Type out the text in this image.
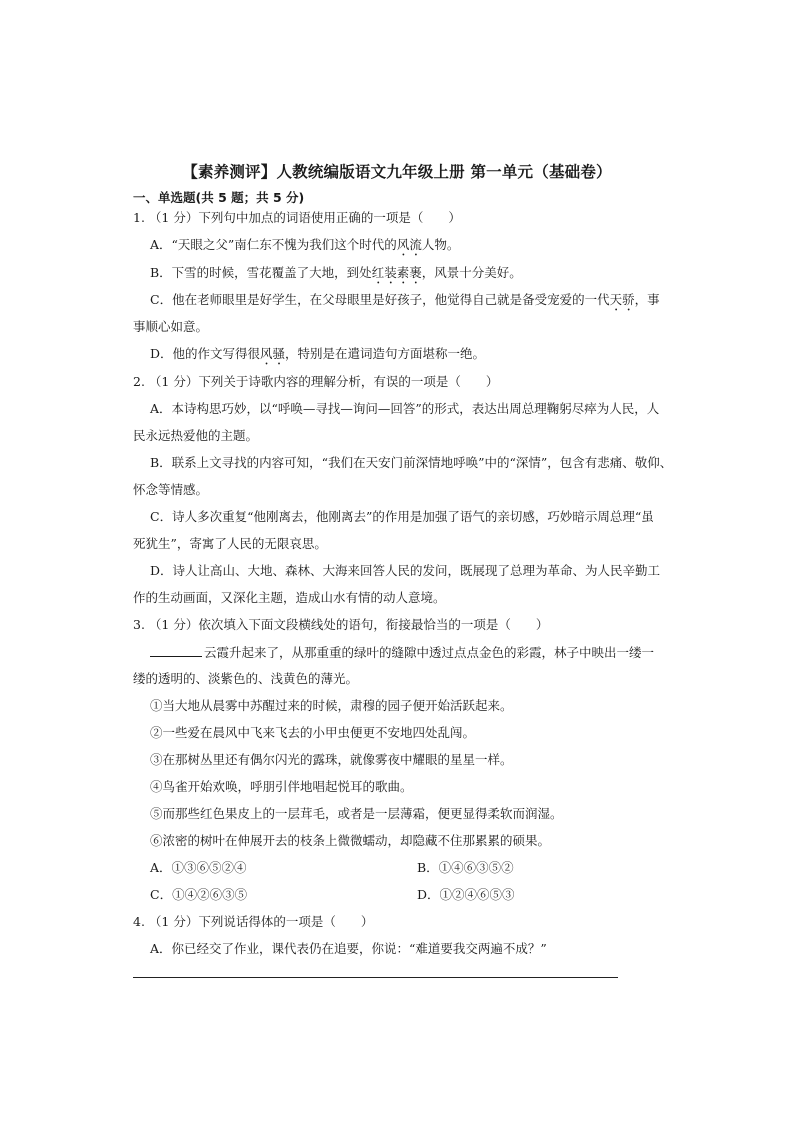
【素养测评】人教统编版语文九年级上册 第一单元（基础卷）
一、单选题(共 5 题；共 5 分)
1. （1 分）下列句中加点的词语使用正确的一项是（　　）
A．“天眼之父”南仁东不愧为我们这个时代的风流人物。
B．下雪的时候，雪花覆盖了大地，到处红装素裹，风景十分美好。
C．他在老师眼里是好学生，在父母眼里是好孩子，他觉得自己就是备受宠爱的一代天骄，事
事顺心如意。
D．他的作文写得很风骚，特别是在遣词造句方面堪称一绝。
2. （1 分）下列关于诗歌内容的理解分析，有误的一项是（　　）
A．本诗构思巧妙，以“呼唤—寻找—询问—回答”的形式，表达出周总理鞠躬尽瘁为人民，人
民永远热爱他的主题。
B．联系上文寻找的内容可知，“我们在天安门前深情地呼唤”中的“深情”，包含有悲痛、敬仰、
怀念等情感。
C．诗人多次重复“他刚离去，他刚离去”的作用是加强了语气的亲切感，巧妙暗示周总理“虽
死犹生”，寄寓了人民的无限哀思。
D．诗人让高山、大地、森林、大海来回答人民的发问，既展现了总理为革命、为人民辛勤工
作的生动画面，又深化主题，造成山水有情的动人意境。
3. （1 分）依次填入下面文段横线处的语句，衔接最恰当的一项是（　　）
云霞升起来了，从那重重的绿叶的缝隙中透过点点金色的彩霞，林子中映出一缕一
缕的透明的、淡紫色的、浅黄色的薄光。
①当大地从晨雾中苏醒过来的时候，肃穆的园子便开始活跃起来。
②一些爱在晨风中飞来飞去的小甲虫便更不安地四处乱闯。
③在那树丛里还有偶尔闪光的露珠，就像雾夜中耀眼的星星一样。
④鸟雀开始欢唤，呼朋引伴地唱起悦耳的歌曲。
⑤而那些红色果皮上的一层茸毛，或者是一层薄霜，便更显得柔软而润湿。
⑥浓密的树叶在伸展开去的枝条上微微蠕动，却隐藏不住那累累的硕果。
A．①③⑥⑤②④	B．①④⑥③⑤②
C．①④②⑥③⑤	D．①②④⑥⑤③
4. （1 分）下列说话得体的一项是（　　）
A．你已经交了作业，课代表仍在追要，你说：“难道要我交两遍不成？”
